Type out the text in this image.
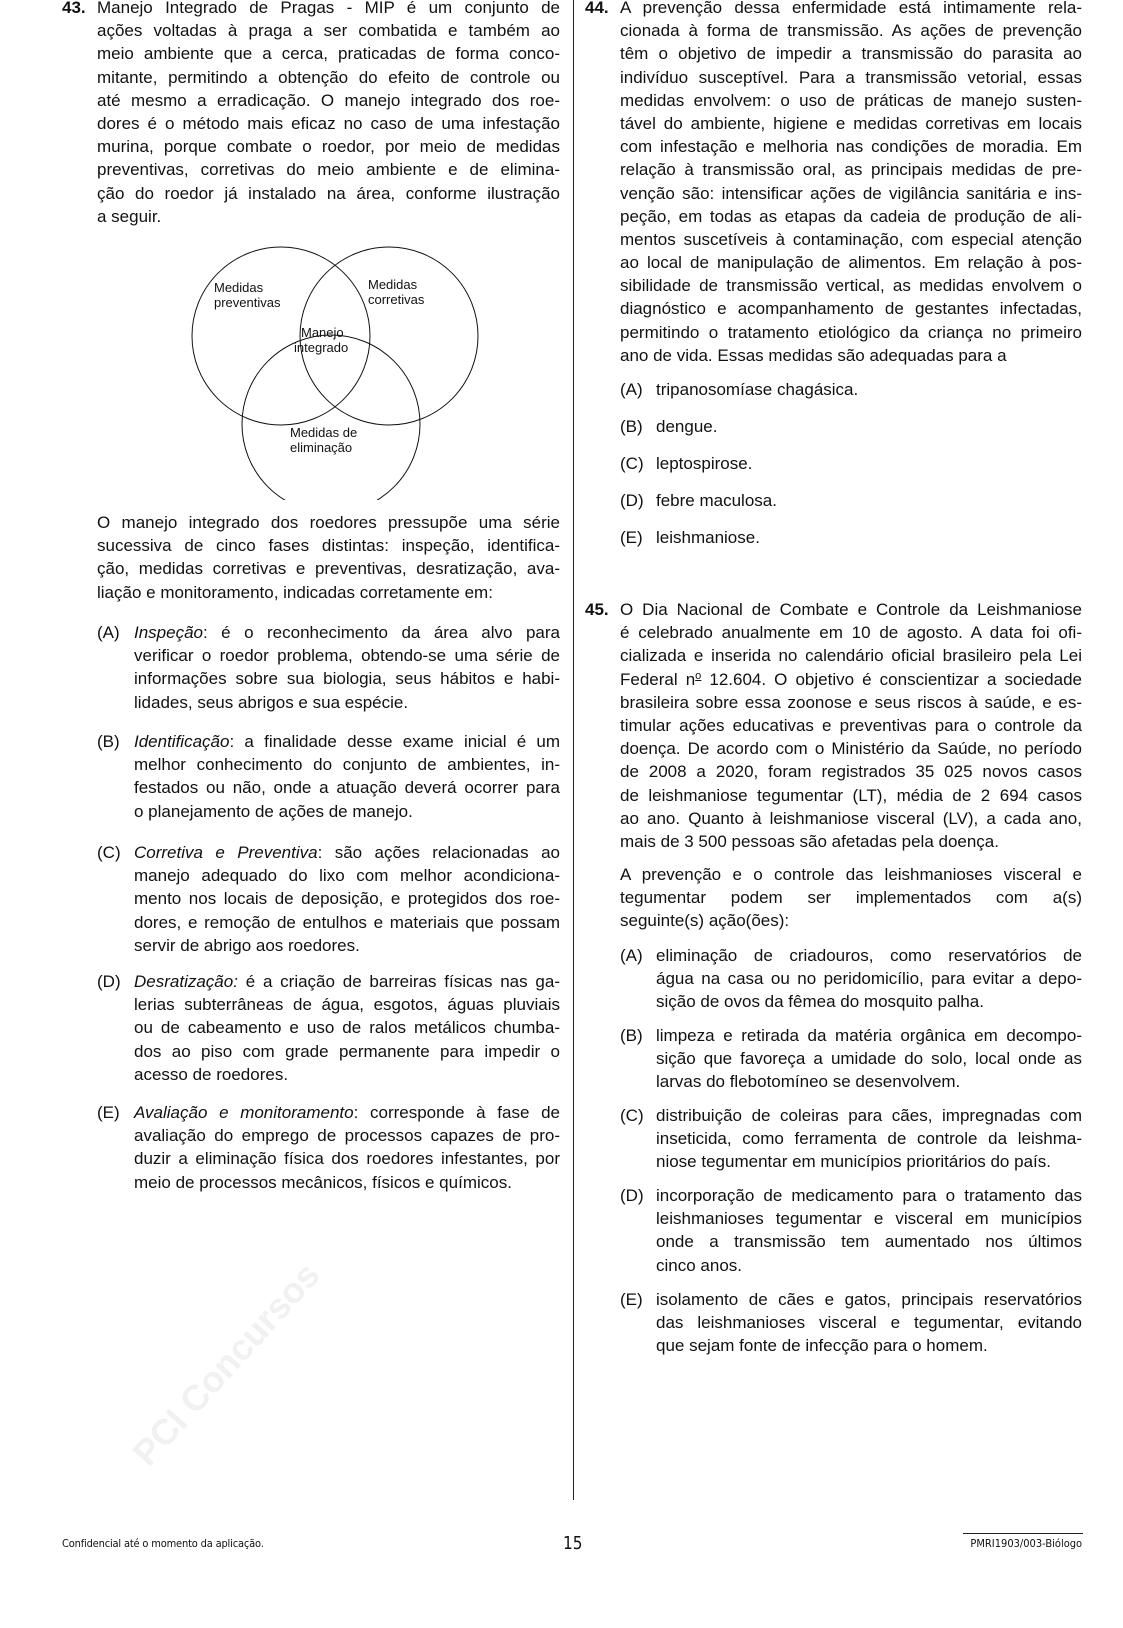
PCI Concursos
43. Manejo Integrado de Pragas - MIP é um conjunto de
ações voltadas à praga a ser combatida e também ao
meio ambiente que a cerca, praticadas de forma conco-
mitante, permitindo a obtenção do efeito de controle ou
até mesmo a erradicação. O manejo integrado dos roe-
dores é o método mais eficaz no caso de uma infestação
murina, porque combate o roedor, por meio de medidas
preventivas, corretivas do meio ambiente e de elimina-
ção do roedor já instalado na área, conforme ilustração
a seguir.
O manejo integrado dos roedores pressupõe uma série
sucessiva de cinco fases distintas: inspeção, identifica-
ção, medidas corretivas e preventivas, desratização, ava-
liação e monitoramento, indicadas corretamente em:
(A) Inspeção: é o reconhecimento da área alvo para
verificar o roedor problema, obtendo-se uma série de
informações sobre sua biologia, seus hábitos e habi-
lidades, seus abrigos e sua espécie.
(B) Identificação: a finalidade desse exame inicial é um
melhor conhecimento do conjunto de ambientes, in-
festados ou não, onde a atuação deverá ocorrer para
o planejamento de ações de manejo.
(C) Corretiva e Preventiva: são ações relacionadas ao
manejo adequado do lixo com melhor acondiciona-
mento nos locais de deposição, e protegidos dos roe-
dores, e remoção de entulhos e materiais que possam
servir de abrigo aos roedores.
(D) Desratização: é a criação de barreiras físicas nas ga-
lerias subterrâneas de água, esgotos, águas pluviais
ou de cabeamento e uso de ralos metálicos chumba-
dos ao piso com grade permanente para impedir o
acesso de roedores.
(E) Avaliação e monitoramento: corresponde à fase de
avaliação do emprego de processos capazes de pro-
duzir a eliminação física dos roedores infestantes, por
meio de processos mecânicos, físicos e químicos.
Medidas
preventivas
Medidas
corretivas
Manejo
integrado
Medidas de
eliminação
44. A prevenção dessa enfermidade está intimamente rela-
cionada à forma de transmissão. As ações de prevenção
têm o objetivo de impedir a transmissão do parasita ao
indivíduo susceptível. Para a transmissão vetorial, essas
medidas envolvem: o uso de práticas de manejo susten-
tável do ambiente, higiene e medidas corretivas em locais
com infestação e melhoria nas condições de moradia. Em
relação à transmissão oral, as principais medidas de pre-
venção são: intensificar ações de vigilância sanitária e ins-
peção, em todas as etapas da cadeia de produção de ali-
mentos suscetíveis à contaminação, com especial atenção
ao local de manipulação de alimentos. Em relação à pos-
sibilidade de transmissão vertical, as medidas envolvem o
diagnóstico e acompanhamento de gestantes infectadas,
permitindo o tratamento etiológico da criança no primeiro
ano de vida. Essas medidas são adequadas para a
(A) tripanosomíase chagásica.
(B) dengue.
(C) leptospirose.
(D) febre maculosa.
(E) leishmaniose.
45. O Dia Nacional de Combate e Controle da Leishmaniose
é celebrado anualmente em 10 de agosto. A data foi ofi-
cializada e inserida no calendário oficial brasileiro pela Lei
Federal $n^o$ 12.604. O objetivo é conscientizar a sociedade
brasileira sobre essa zoonose e seus riscos à saúde, e es-
timular ações educativas e preventivas para o controle da
doença. De acordo com o Ministério da Saúde, no período
de 2008 a 2020, foram registrados 35 025 novos casos
de leishmaniose tegumentar (LT), média de 2 694 casos
ao ano. Quanto à leishmaniose visceral (LV), a cada ano,
mais de 3 500 pessoas são afetadas pela doença.
A prevenção e o controle das leishmanioses visceral e
tegumentar podem ser implementados com a(s)
seguinte(s) ação(ões):
(A) eliminação de criadouros, como reservatórios de
água na casa ou no peridomicílio, para evitar a depo-
sição de ovos da fêmea do mosquito palha.
(B) limpeza e retirada da matéria orgânica em decompo-
sição que favoreça a umidade do solo, local onde as
larvas do flebotomíneo se desenvolvem.
(C) distribuição de coleiras para cães, impregnadas com
inseticida, como ferramenta de controle da leishma-
niose tegumentar em municípios prioritários do país.
(D) incorporação de medicamento para o tratamento das
leishmanioses tegumentar e visceral em municípios
onde a transmissão tem aumentado nos últimos
cinco anos.
(E) isolamento de cães e gatos, principais reservatórios
das leishmanioses visceral e tegumentar, evitando
que sejam fonte de infecção para o homem.
Confidencial até o momento da aplicação.	15	PMRI1903/003-Biólogo
